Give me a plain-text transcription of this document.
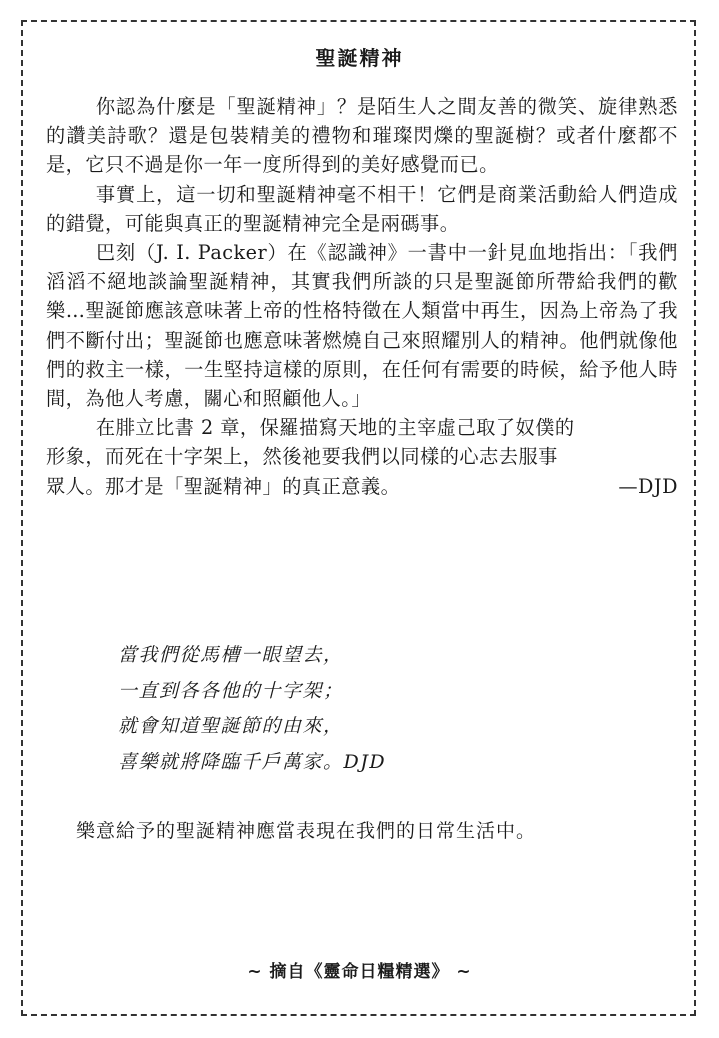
聖誕精神

你認為什麼是「聖誕精神」？是陌生人之間友善的微笑、旋律熟悉的讚美詩歌？還是包裝精美的禮物和璀璨閃爍的聖誕樹？或者什麼都不是，它只不過是你一年一度所得到的美好感覺而已。

事實上，這一切和聖誕精神毫不相干！它們是商業活動給人們造成的錯覺，可能與真正的聖誕精神完全是兩碼事。

巴刻（J. I. Packer）在《認識神》一書中一針見血地指出：「我們滔滔不絕地談論聖誕精神，其實我們所談的只是聖誕節所帶給我們的歡樂…聖誕節應該意味著上帝的性格特徵在人類當中再生，因為上帝為了我們不斷付出；聖誕節也應意味著燃燒自己來照耀別人的精神。他們就像他們的救主一樣，一生堅持這樣的原則，在任何有需要的時候，給予他人時間，為他人考慮，關心和照顧他人。」

在腓立比書 2 章，保羅描寫天地的主宰虛己取了奴僕的
形象，而死在十字架上，然後祂要我們以同樣的心志去服事
眾人。那才是「聖誕精神」的真正意義。	—DJD
當我們從馬槽一眼望去，
一直到各各他的十字架；
就會知道聖誕節的由來，
喜樂就將降臨千戶萬家。DJD
樂意給予的聖誕精神應當表現在我們的日常生活中。
~ 摘自《靈命日糧精選》 ~
